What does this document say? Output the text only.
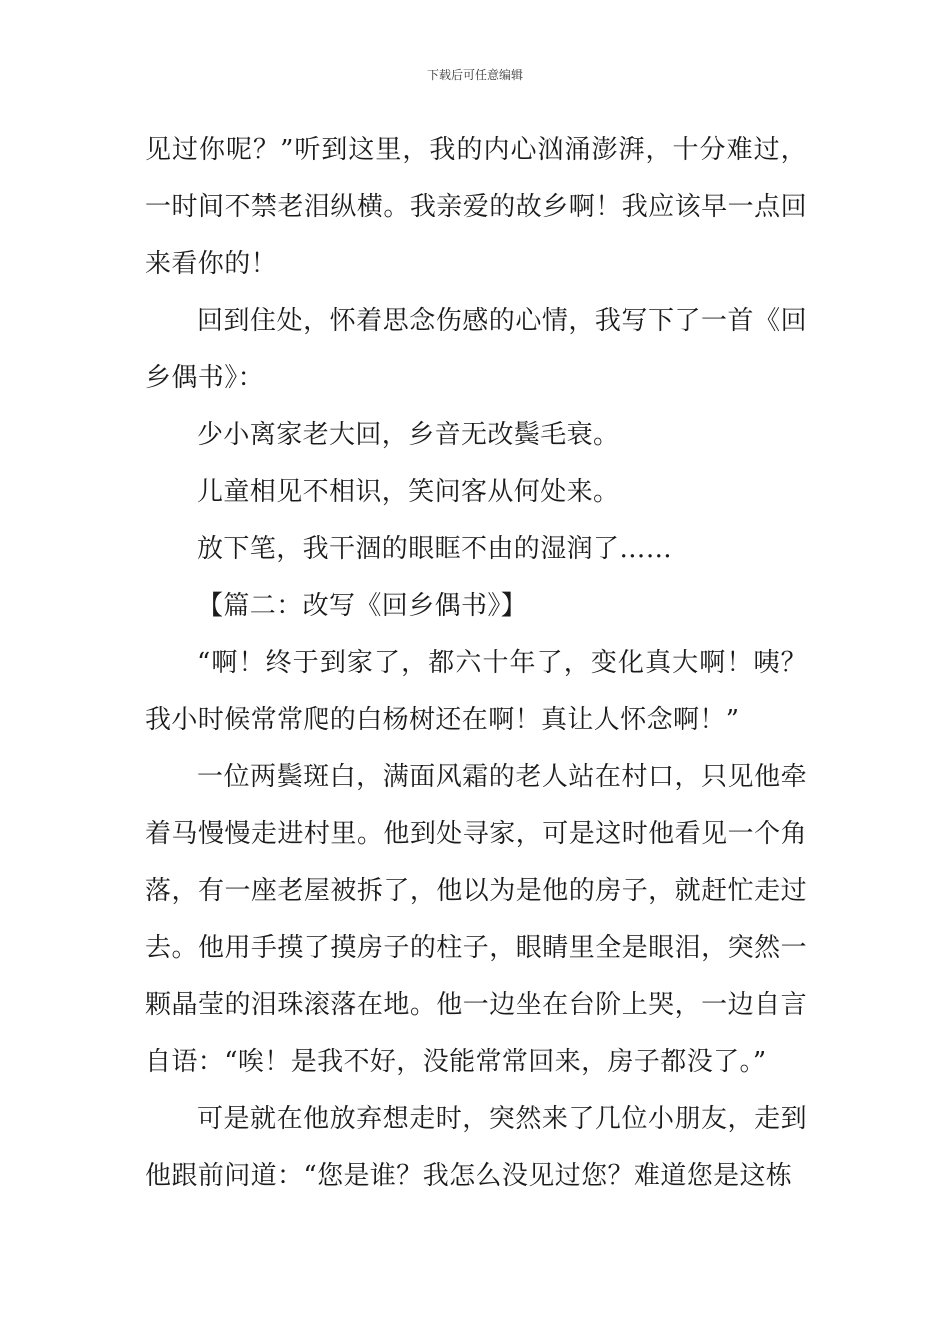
下载后可任意编辑

见过你呢？”听到这里，我的内心汹涌澎湃，十分难过，一时间不禁老泪纵横。我亲爱的故乡啊！我应该早一点回来看你的！

回到住处，怀着思念伤感的心情，我写下了一首《回乡偶书》：

少小离家老大回，乡音无改鬓毛衰。

儿童相见不相识，笑问客从何处来。

放下笔，我干涸的眼眶不由的湿润了……

【篇二：改写《回乡偶书》】

“啊！终于到家了，都六十年了，变化真大啊！咦？我小时候常常爬的白杨树还在啊！真让人怀念啊！”

一位两鬓斑白，满面风霜的老人站在村口，只见他牵着马慢慢走进村里。他到处寻家，可是这时他看见一个角落，有一座老屋被拆了，他以为是他的房子，就赶忙走过去。他用手摸了摸房子的柱子，眼睛里全是眼泪，突然一颗晶莹的泪珠滚落在地。他一边坐在台阶上哭，一边自言自语：“唉！是我不好，没能常常回来，房子都没了。”

可是就在他放弃想走时，突然来了几位小朋友，走到他跟前问道：“您是谁？我怎么没见过您？难道您是这栋
